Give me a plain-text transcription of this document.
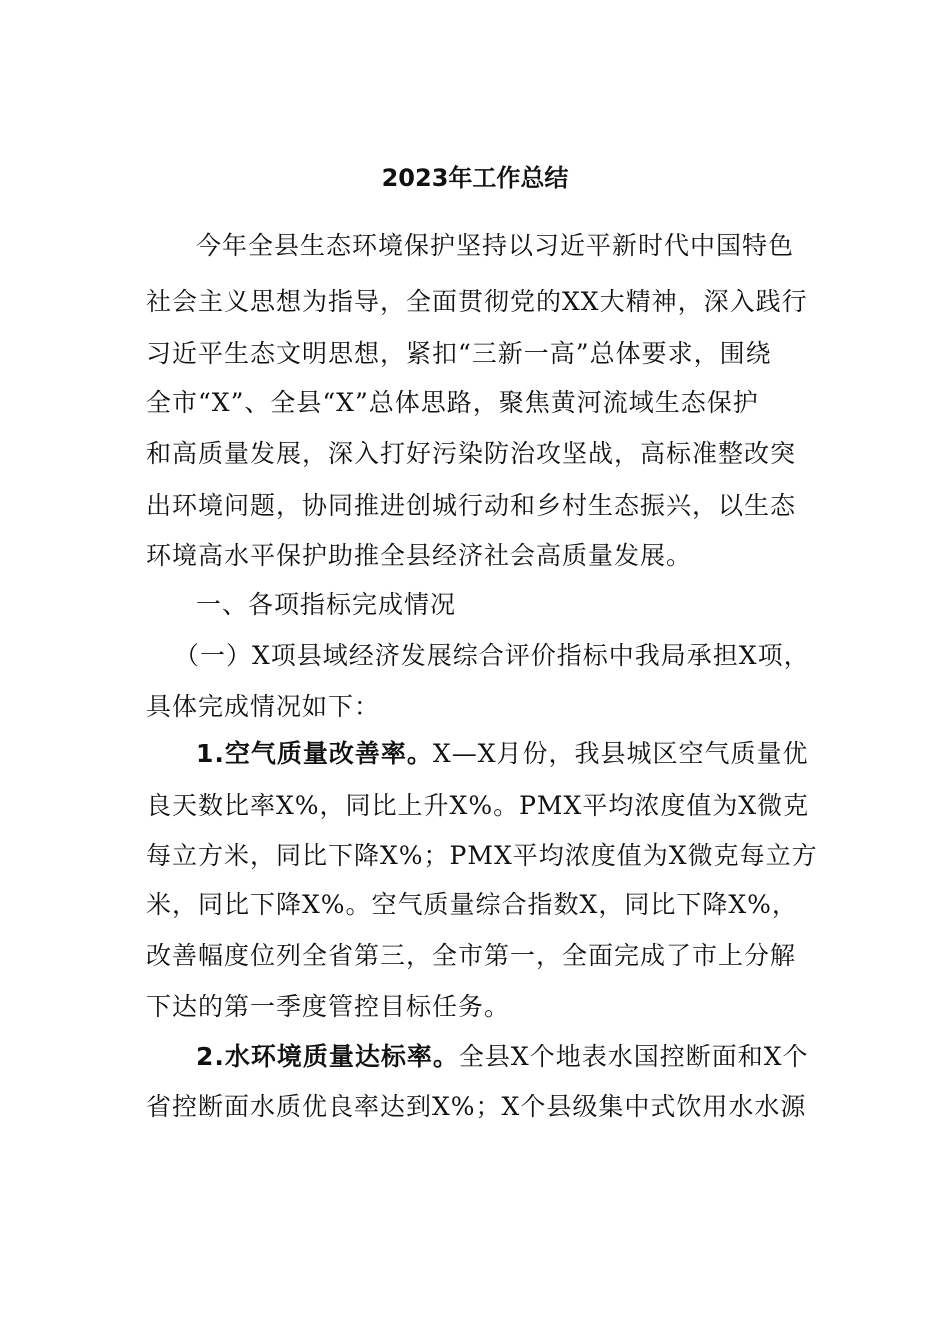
2023年工作总结
今年全县生态环境保护坚持以习近平新时代中国特色
社会主义思想为指导，全面贯彻党的XX大精神，深入践行
习近平生态文明思想，紧扣“三新一高”总体要求，围绕
全市“X”、全县“X”总体思路，聚焦黄河流域生态保护
和高质量发展，深入打好污染防治攻坚战，高标准整改突
出环境问题，协同推进创城行动和乡村生态振兴，以生态
环境高水平保护助推全县经济社会高质量发展。
一、各项指标完成情况
（一）X项县域经济发展综合评价指标中我局承担X项，
具体完成情况如下：
1.空气质量改善率。X—X月份，我县城区空气质量优
良天数比率X%，同比上升X%。PMX平均浓度值为X微克
每立方米，同比下降X%；PMX平均浓度值为X微克每立方
米，同比下降X%。空气质量综合指数X，同比下降X%，
改善幅度位列全省第三，全市第一，全面完成了市上分解
下达的第一季度管控目标任务。
2.水环境质量达标率。全县X个地表水国控断面和X个
省控断面水质优良率达到X%；X个县级集中式饮用水水源
